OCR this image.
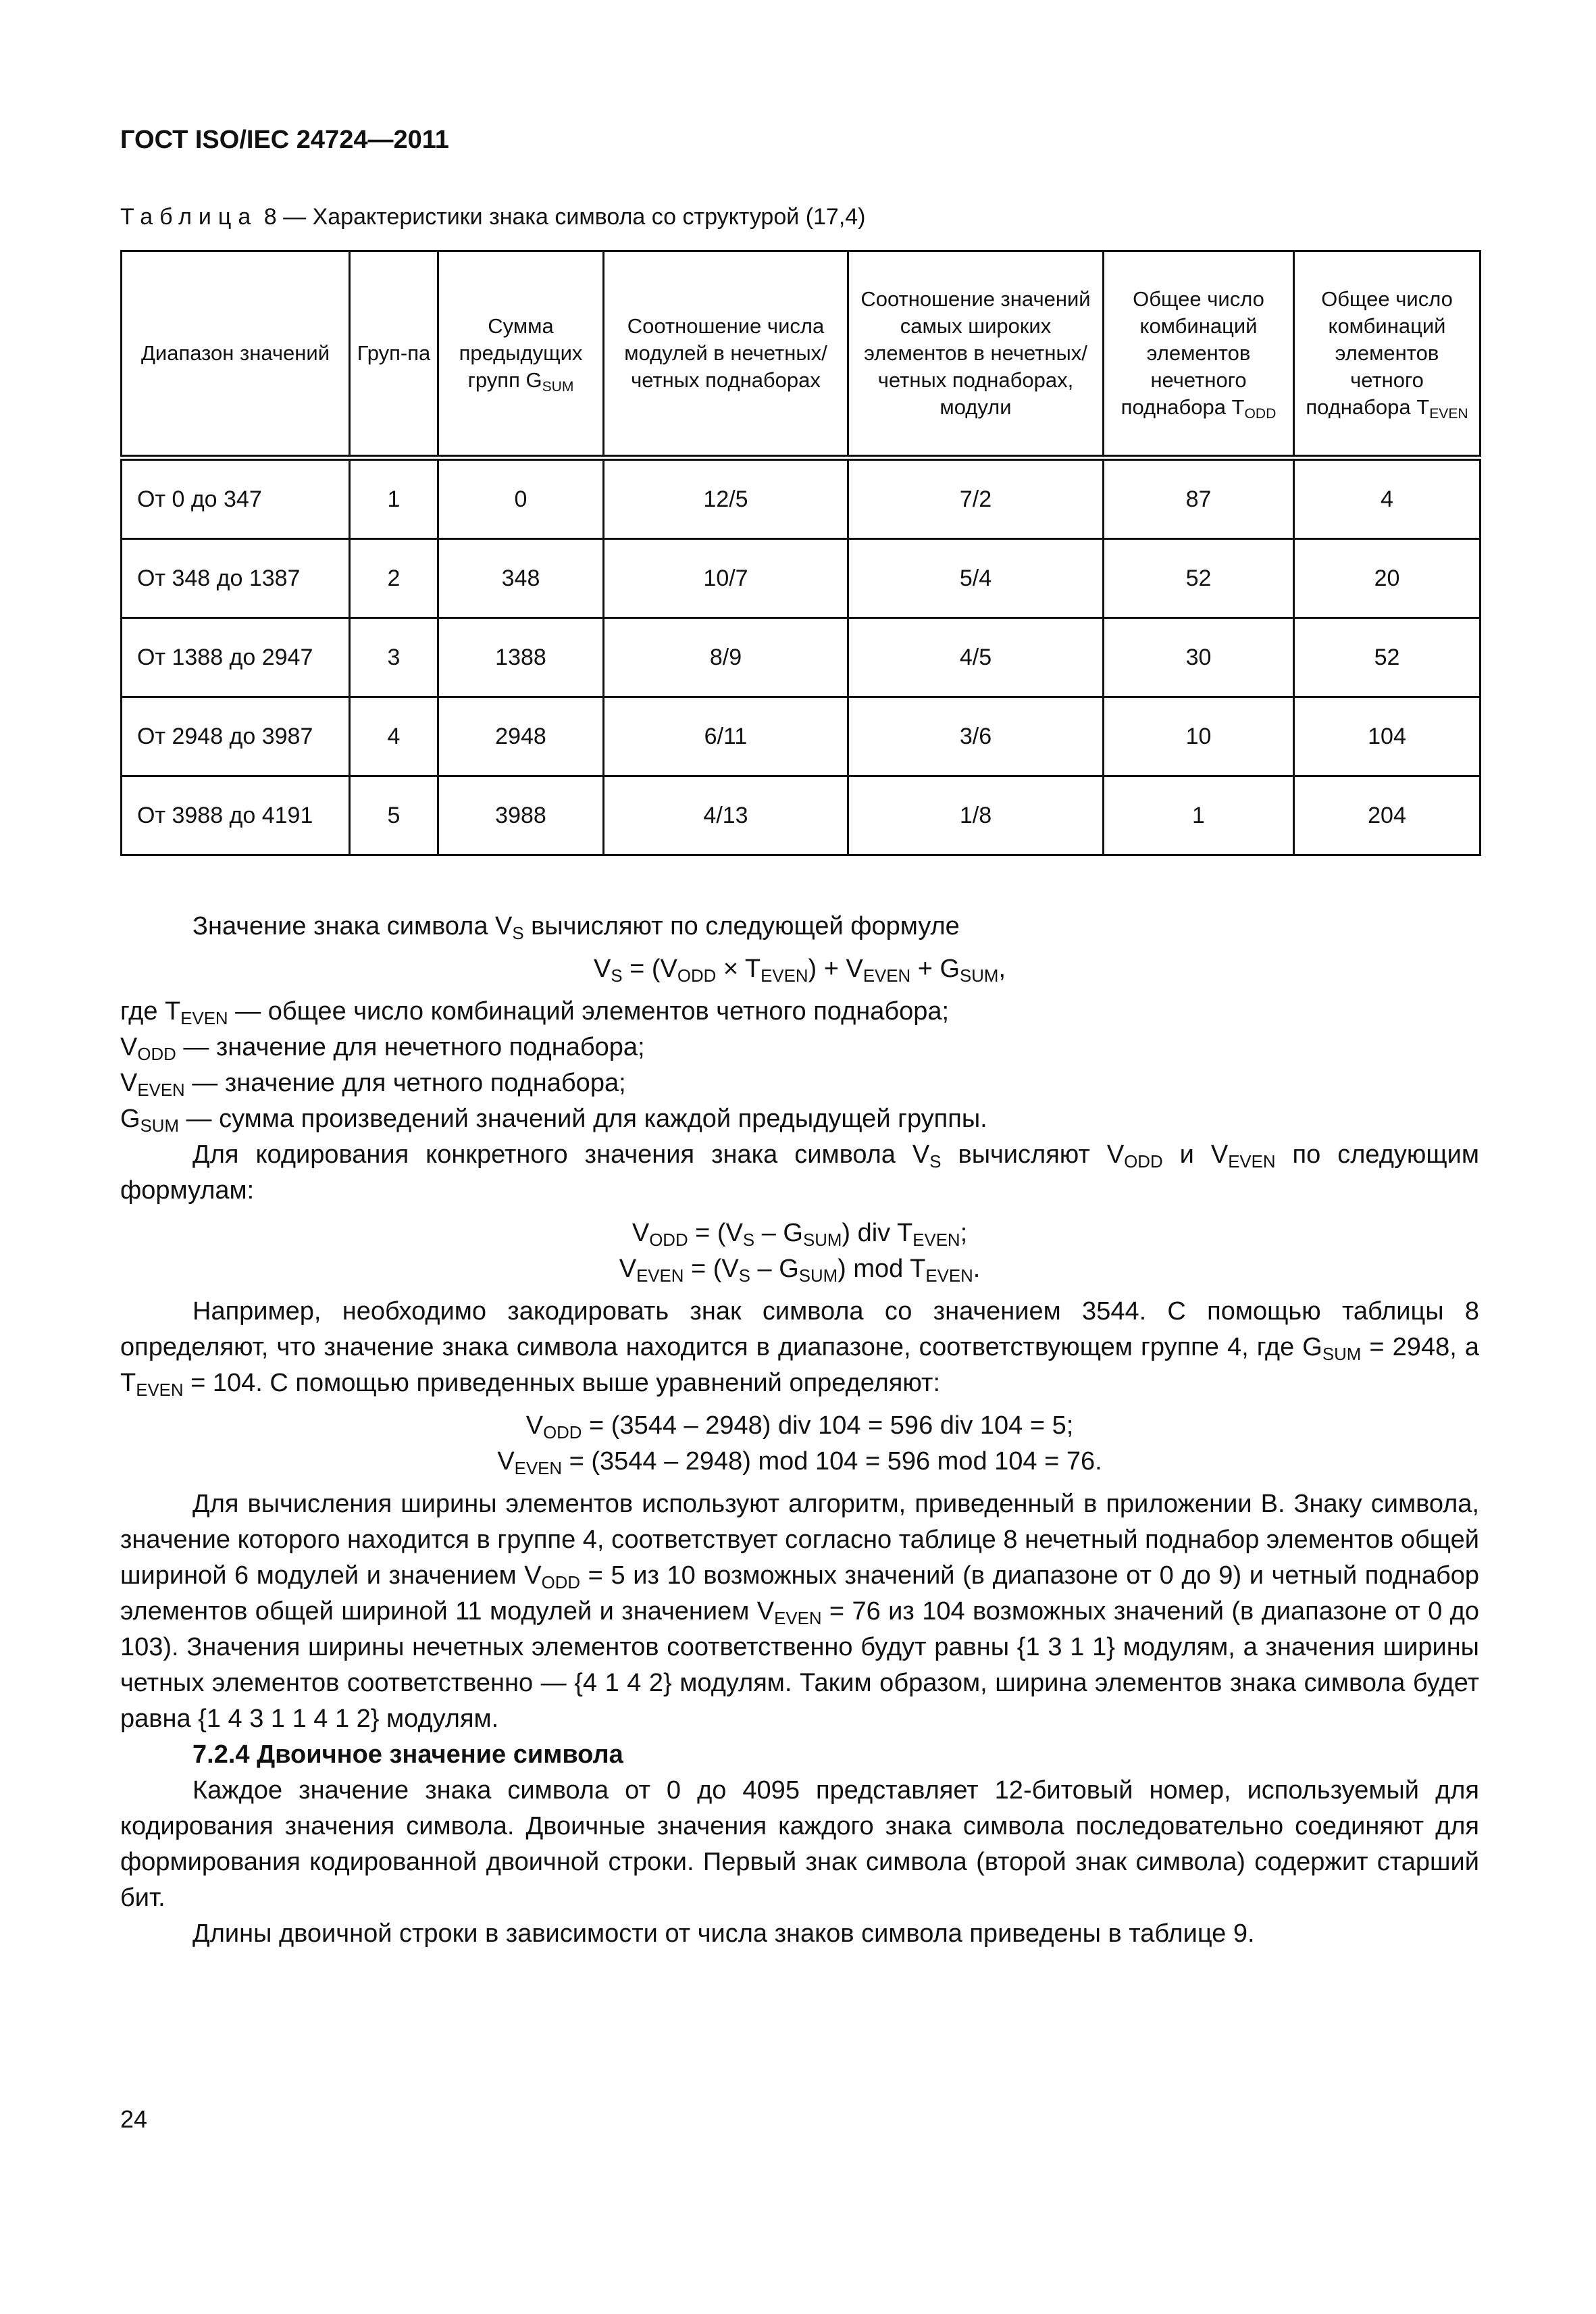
ГОСТ ISO/IEC 24724—2011
Таблица 8 — Характеристики знака символа со структурой (17,4)
Диапазон значений	Груп-па	Сумма предыдущих групп $G_{SUM}$	Соотношение числа модулей в нечетных/четных поднаборах	Соотношение значений самых широких элементов в нечетных/четных поднаборах, модули	Общее число комбинаций элементов нечетного поднабора $T_{ODD}$	Общее число комбинаций элементов четного поднабора $T_{EVEN}$
От 0 до 347	1	0	12/5	7/2	87	4
От 348 до 1387	2	348	10/7	5/4	52	20
От 1388 до 2947	3	1388	8/9	4/5	30	52
От 2948 до 3987	4	2948	6/11	3/6	10	104
От 3988 до 4191	5	3988	4/13	1/8	1	204

Значение знака символа $V_S$ вычисляют по следующей формуле

$V_S = (V_{ODD} \times T_{EVEN}) + V_{EVEN} + G_{SUM}$,

где $T_{EVEN}$ — общее число комбинаций элементов четного поднабора;

$V_{ODD}$ — значение для нечетного поднабора;

$V_{EVEN}$ — значение для четного поднабора;

$G_{SUM}$ — сумма произведений значений для каждой предыдущей группы.

Для кодирования конкретного значения знака символа $V_S$ вычисляют $V_{ODD}$ и $V_{EVEN}$ по следующим формулам:

$V_{ODD} = (V_S - G_{SUM})$ div $T_{EVEN}$;

$V_{EVEN} = (V_S - G_{SUM})$ mod $T_{EVEN}$.

Например, необходимо закодировать знак символа со значением 3544. С помощью таблицы 8 определяют, что значение знака символа находится в диапазоне, соответствующем группе 4, где $G_{SUM} = 2948$, а $T_{EVEN} = 104$. С помощью приведенных выше уравнений определяют:

$V_{ODD} = (3544 - 2948)$ div 104 = 596 div 104 = 5;

$V_{EVEN} = (3544 - 2948)$ mod 104 = 596 mod 104 = 76.

Для вычисления ширины элементов используют алгоритм, приведенный в приложении В. Знаку символа, значение которого находится в группе 4, соответствует согласно таблице 8 нечетный поднабор элементов общей шириной 6 модулей и значением $V_{ODD} = 5$ из 10 возможных значений (в диапазоне от 0 до 9) и четный поднабор элементов общей шириной 11 модулей и значением $V_{EVEN} = 76$ из 104 возможных значений (в диапазоне от 0 до 103). Значения ширины нечетных элементов соответственно будут равны {1 3 1 1} модулям, а значения ширины четных элементов соответственно — {4 1 4 2} модулям. Таким образом, ширина элементов знака символа будет равна {1 4 3 1 1 4 1 2} модулям.

7.2.4 Двоичное значение символа

Каждое значение знака символа от 0 до 4095 представляет 12-битовый номер, используемый для кодирования значения символа. Двоичные значения каждого знака символа последовательно соединяют для формирования кодированной двоичной строки. Первый знак символа (второй знак символа) содержит старший бит.

Длины двоичной строки в зависимости от числа знаков символа приведены в таблице 9.

24
